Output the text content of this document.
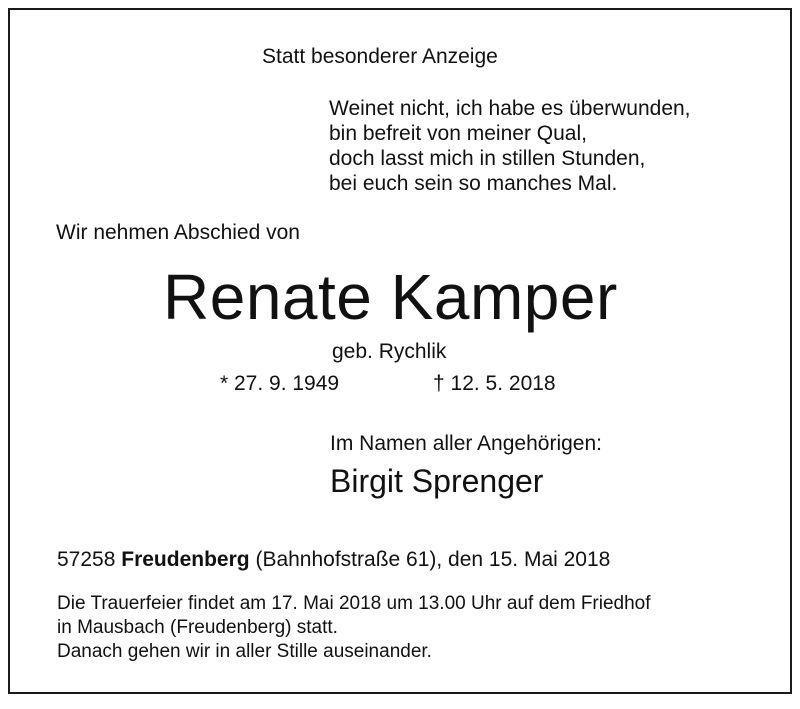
Statt besonderer Anzeige
Weinet nicht, ich habe es überwunden,
bin befreit von meiner Qual,
doch lasst mich in stillen Stunden,
bei euch sein so manches Mal.
Wir nehmen Abschied von
Renate Kamper
geb. Rychlik
* 27. 9. 1949	† 12. 5. 2018
Im Namen aller Angehörigen:
Birgit Sprenger
57258 Freudenberg (Bahnhofstraße 61), den 15. Mai 2018
Die Trauerfeier findet am 17. Mai 2018 um 13.00 Uhr auf dem Friedhof
in Mausbach (Freudenberg) statt.
Danach gehen wir in aller Stille auseinander.
